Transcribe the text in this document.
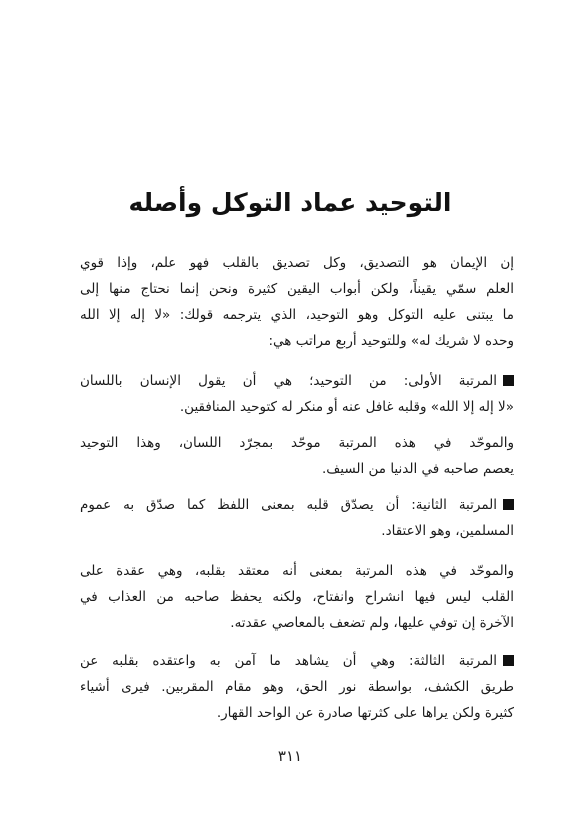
التوحيد عماد التوكل وأصله

إن الإيمان هو التصديق، وكل تصديق بالقلب فهو علم، وإذا قوي
العلم سمّي يقيناً، ولكن أبواب اليقين كثيرة ونحن إنما نحتاج منها إلى
ما يبتنى عليه التوكل وهو التوحيد، الذي يترجمه قولك: «لا إله إلا الله
وحده لا شريك له» وللتوحيد أربع مراتب هي:

المرتبة الأولى: من التوحيد؛ هي أن يقول الإنسان باللسان
«لا إله إلا الله» وقلبه غافل عنه أو منكر له كتوحيد المنافقين.

والموحّد في هذه المرتبة موحّد بمجرّد اللسان، وهذا التوحيد
يعصم صاحبه في الدنيا من السيف.

المرتبة الثانية: أن يصدّق قلبه بمعنى اللفظ كما صدّق به عموم
المسلمين، وهو الاعتقاد.

والموحّد في هذه المرتبة بمعنى أنه معتقد بقلبه، وهي عقدة على
القلب ليس فيها انشراح وانفتاح، ولكنه يحفظ صاحبه من العذاب في
الآخرة إن توفي عليها، ولم تضعف بالمعاصي عقدته.

المرتبة الثالثة: وهي أن يشاهد ما آمن به واعتقده بقلبه عن
طريق الكشف، بواسطة نور الحق، وهو مقام المقربين. فيرى أشياء
كثيرة ولكن يراها على كثرتها صادرة عن الواحد القهار.

٣١١
